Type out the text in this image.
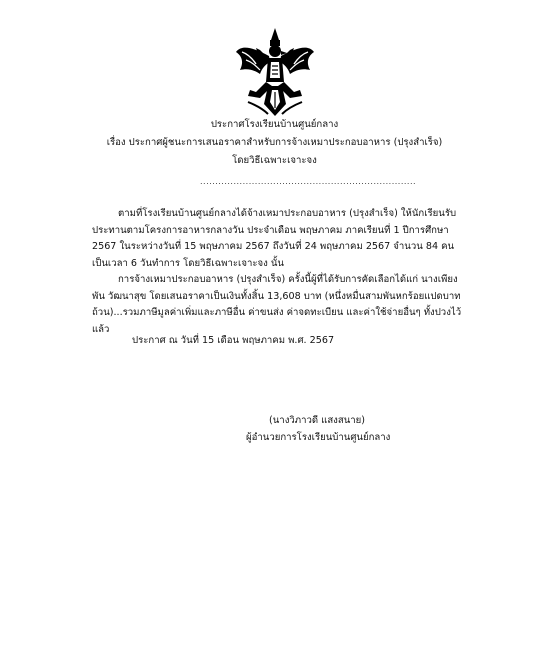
ประกาศโรงเรียนบ้านศูนย์กลาง
เรื่อง ประกาศผู้ชนะการเสนอราคาสำหรับการจ้างเหมาประกอบอาหาร (ปรุงสำเร็จ)
โดยวิธีเฉพาะเจาะจง
.......................................................................

ตามที่โรงเรียนบ้านศูนย์กลางได้จ้างเหมาประกอบอาหาร (ปรุงสำเร็จ) ให้นักเรียนรับประทานตามโครงการอาหารกลางวัน ประจำเดือน พฤษภาคม ภาคเรียนที่ 1 ปีการศึกษา 2567 ในระหว่างวันที่ 15 พฤษภาคม 2567 ถึงวันที่ 24 พฤษภาคม 2567 จำนวน 84 คน เป็นเวลา 6 วันทำการ โดยวิธีเฉพาะเจาะจง นั้น

การจ้างเหมาประกอบอาหาร (ปรุงสำเร็จ) ครั้งนี้ผู้ที่ได้รับการคัดเลือกได้แก่ นางเพียงพัน วัฒนาสุข โดยเสนอราคาเป็นเงินทั้งสิ้น 13,608 บาท (หนึ่งหมื่นสามพันหกร้อยแปดบาทถ้วน)...รวมภาษีมูลค่าเพิ่มและภาษีอื่น ค่าขนส่ง ค่าจดทะเบียน และค่าใช้จ่ายอื่นๆ ทั้งปวงไว้แล้ว

ประกาศ ณ วันที่ 15 เดือน พฤษภาคม พ.ศ. 2567
(นางวิภาวดี แสงสนาย)
ผู้อำนวยการโรงเรียนบ้านศูนย์กลาง
